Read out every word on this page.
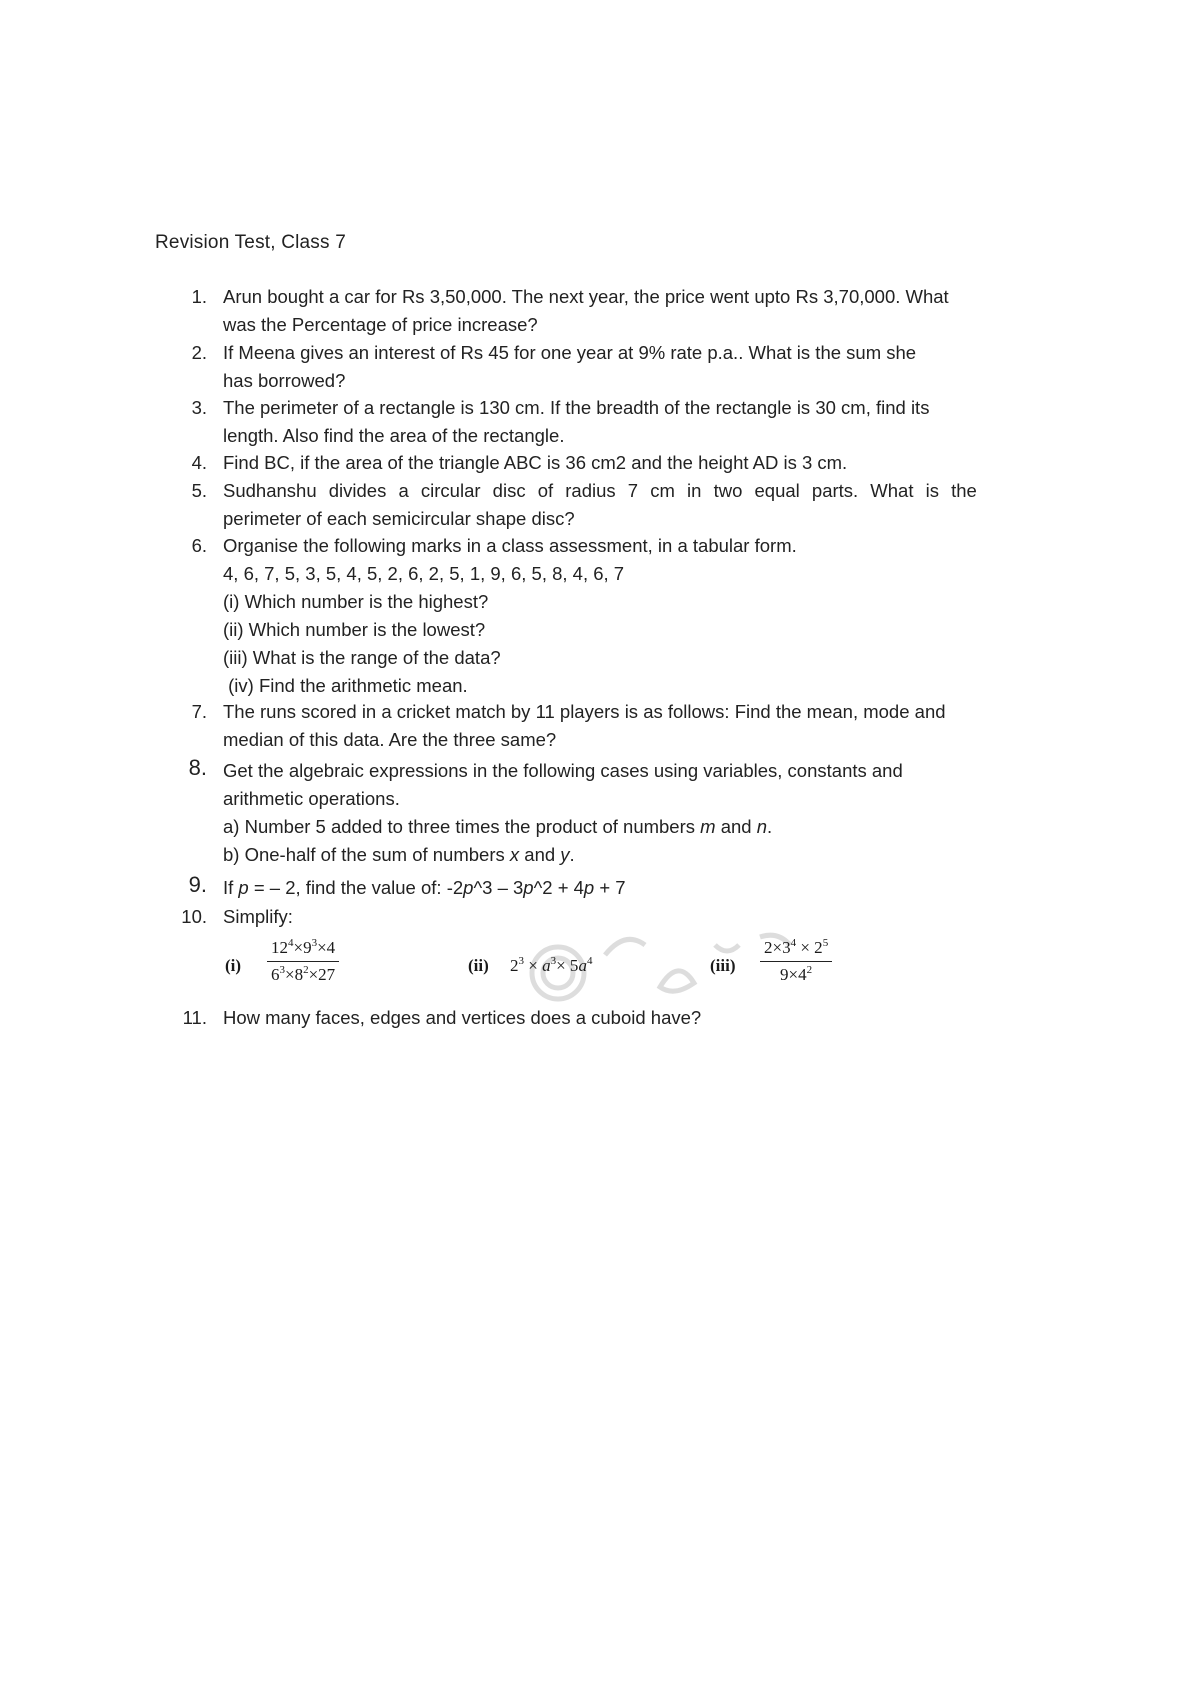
Revision Test, Class 7
1. Arun bought a car for Rs 3,50,000. The next year, the price went upto Rs 3,70,000. What
was the Percentage of price increase?
2. If Meena gives an interest of Rs 45 for one year at 9% rate p.a.. What is the sum she
has borrowed?
3. The perimeter of a rectangle is 130 cm. If the breadth of the rectangle is 30 cm, find its
length. Also find the area of the rectangle.
4. Find BC, if the area of the triangle ABC is 36 cm2 and the height AD is 3 cm.
5. Sudhanshu divides a circular disc of radius 7 cm in two equal parts. What is the
perimeter of each semicircular shape disc?
6. Organise the following marks in a class assessment, in a tabular form.
4, 6, 7, 5, 3, 5, 4, 5, 2, 6, 2, 5, 1, 9, 6, 5, 8, 4, 6, 7
(i) Which number is the highest?
(ii) Which number is the lowest?
(iii) What is the range of the data?
(iv) Find the arithmetic mean.
7. The runs scored in a cricket match by 11 players is as follows: Find the mean, mode and
median of this data. Are the three same?
8. Get the algebraic expressions in the following cases using variables, constants and
arithmetic operations.
a) Number 5 added to three times the product of numbers m and n.
b) One-half of the sum of numbers x and y.
9. If p = – 2, find the value of: -2p^3 – 3p^2 + 4p + 7
10. Simplify:
$(i) \frac{12^4\times 9^3\times 4}{6^3\times 8^2\times 27}$	(ii) $2^3 \times a^3\times 5a^4$	$(iii) \frac{2\times 3^4 \times 2^5}{9\times 4^2}$
11. How many faces, edges and vertices does a cuboid have?
